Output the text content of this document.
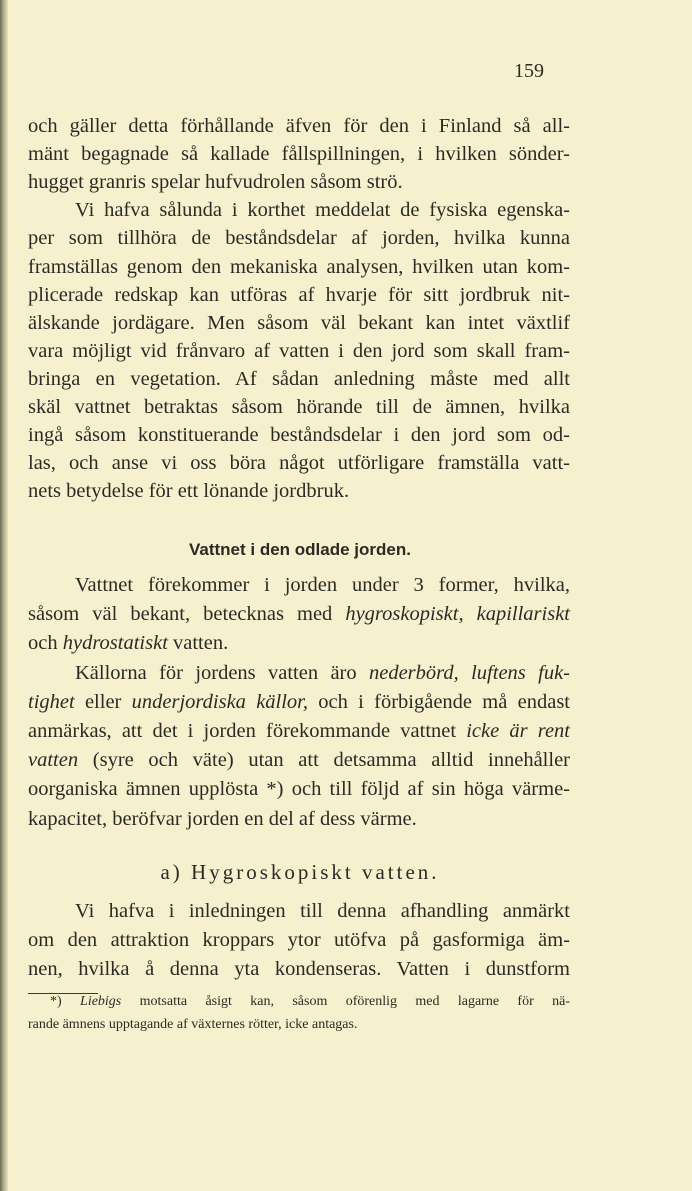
159
och gäller detta förhållande äfven för den i Finland så all-
mänt begagnade så kallade fållspillningen, i hvilken sönder-
hugget granris spelar hufvudrolen såsom strö.
Vi hafva sålunda i korthet meddelat de fysiska egenska-
per som tillhöra de beståndsdelar af jorden, hvilka kunna
framställas genom den mekaniska analysen, hvilken utan kom-
plicerade redskap kan utföras af hvarje för sitt jordbruk nit-
älskande jordägare. Men såsom väl bekant kan intet växtlif
vara möjligt vid frånvaro af vatten i den jord som skall fram-
bringa en vegetation. Af sådan anledning måste med allt
skäl vattnet betraktas såsom hörande till de ämnen, hvilka
ingå såsom konstituerande beståndsdelar i den jord som od-
las, och anse vi oss böra något utförligare framställa vatt-
nets betydelse för ett lönande jordbruk.
Vattnet i den odlade jorden.
Vattnet förekommer i jorden under 3 former, hvilka,
såsom väl bekant, betecknas med hygroskopiskt, kapillariskt
och hydrostatiskt vatten.
Källorna för jordens vatten äro nederbörd, luftens fuk-
tighet eller underjordiska källor, och i förbigående må endast
anmärkas, att det i jorden förekommande vattnet icke är rent
vatten (syre och väte) utan att detsamma alltid innehåller
oorganiska ämnen upplösta *) och till följd af sin höga värme-
kapacitet, beröfvar jorden en del af dess värme.
a) Hygroskopiskt vatten.
Vi hafva i inledningen till denna afhandling anmärkt
om den attraktion kroppars ytor utöfva på gasformiga äm-
nen, hvilka å denna yta kondenseras. Vatten i dunstform
*) Liebigs motsatta åsigt kan, såsom oförenlig med lagarne för nä-
rande ämnens upptagande af växternes rötter, icke antagas.
